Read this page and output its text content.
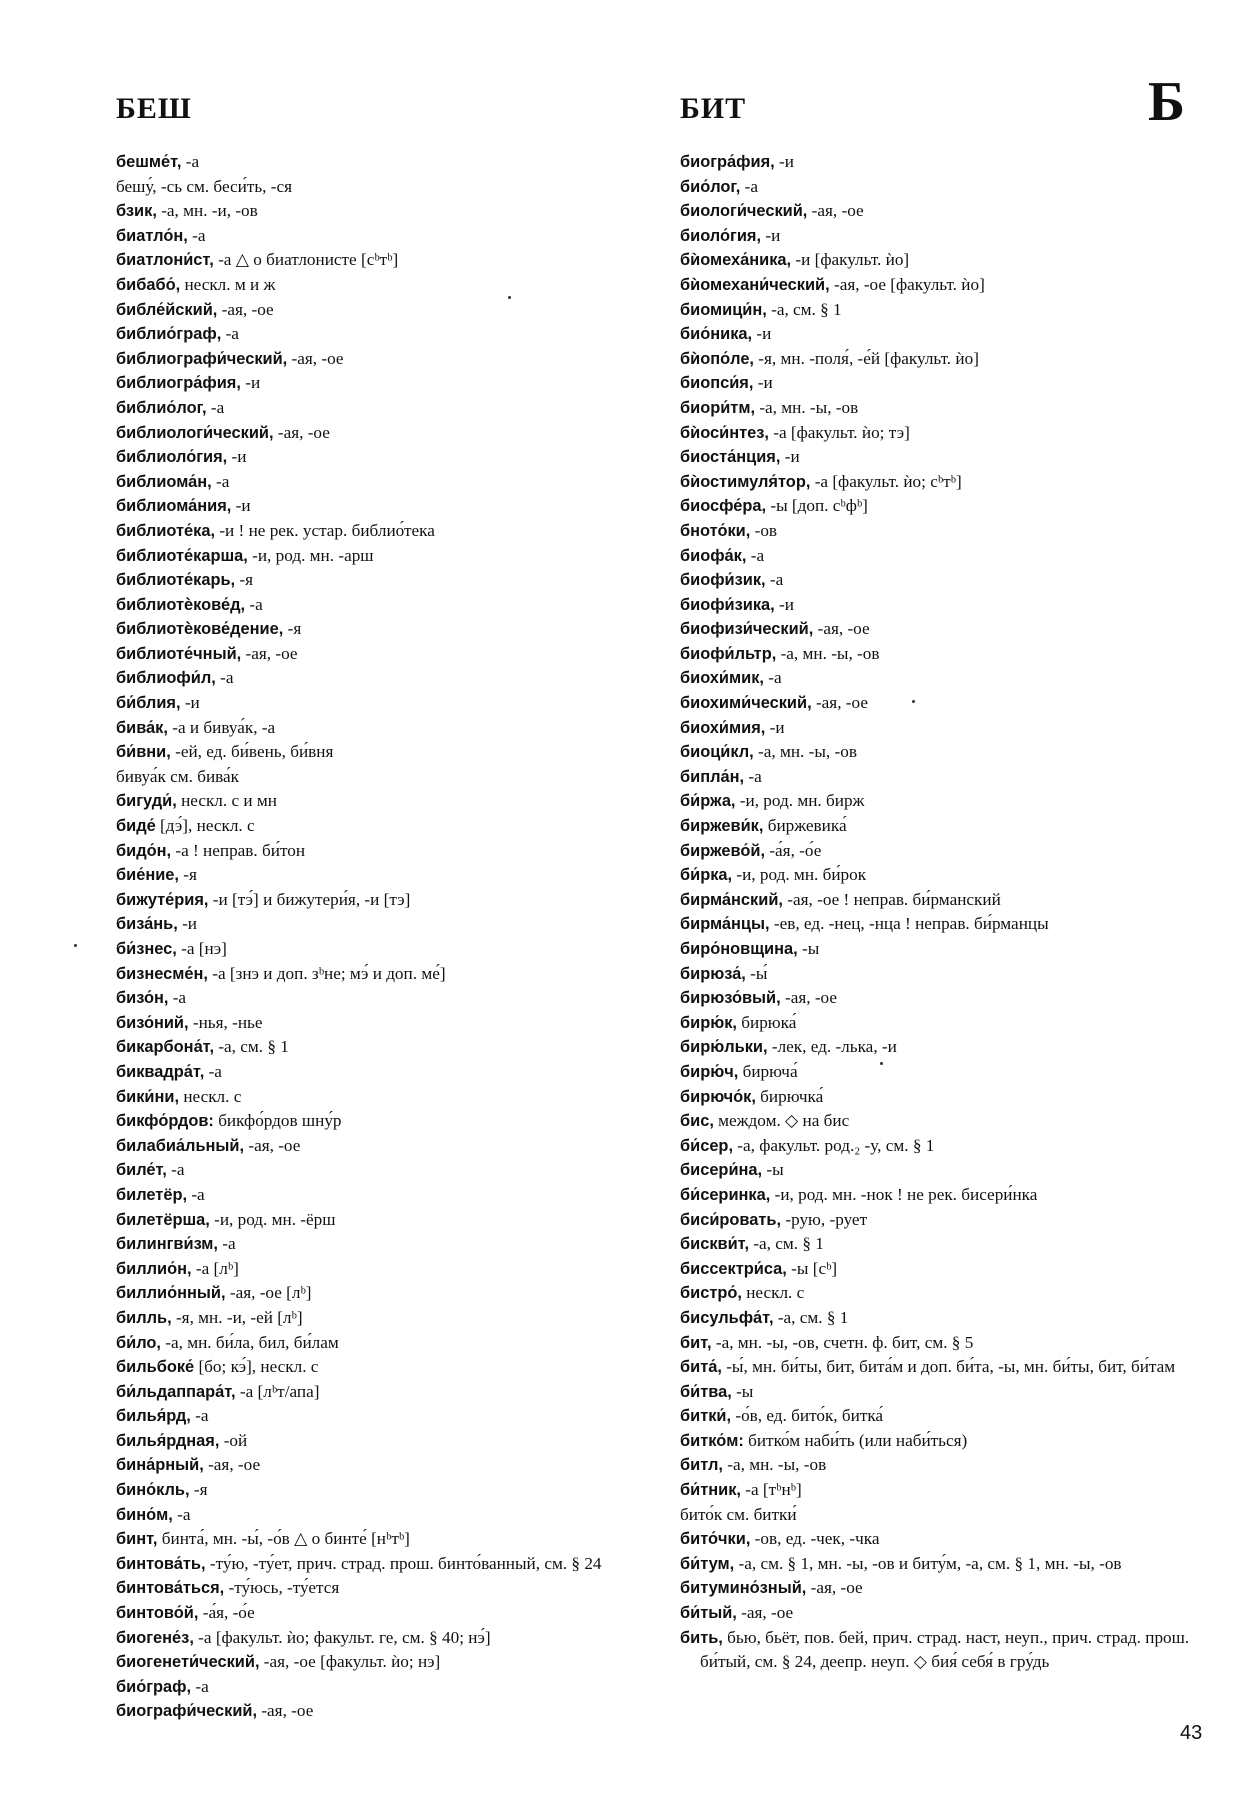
БЕШ	БИТ	Б
бешме́т, -а
бешу́, -сь см. беси́ть, -ся
бзик, -а, мн. -и, -ов
биатло́н, -а
биатлони́ст, -а △ о биатлонисте [сᵇтᵇ]
бибабо́, нескл. м и ж
библе́йский, -ая, -ое
библио́граф, -а
библиографи́ческий, -ая, -ое
библиогра́фия, -и
библио́лог, -а
библиологи́ческий, -ая, -ое
библиоло́гия, -и
библиома́н, -а
библиома́ния, -и
библиоте́ка, -и ! не рек. устар. библио́тека
библиоте́карша, -и, род. мн. -арш
библиоте́карь, -я
библиотѐкове́д, -а
библиотѐкове́дение, -я
библиоте́чный, -ая, -ое
библиофи́л, -а
би́блия, -и
бива́к, -а и бивуа́к, -а
би́вни, -ей, ед. би́вень, би́вня
бивуа́к см. бива́к
бигуди́, нескл. с и мн
биде́ [дэ́], нескл. с
бидо́н, -а ! неправ. би́тон
бие́ние, -я
бижуте́рия, -и [тэ́] и бижутери́я, -и [тэ]
биза́нь, -и
би́знес, -а [нэ]
бизнесме́н, -а [знэ и доп. зᵇне; мэ́ и доп. ме́]
бизо́н, -а
бизо́ний, -нья, -нье
бикарбона́т, -а, см. § 1
биквадра́т, -а
бики́ни, нескл. с
бикфо́рдов: бикфо́рдов шну́р
билабиа́льный, -ая, -ое
биле́т, -а
билетёр, -а
билетёрша, -и, род. мн. -ёрш
билингви́зм, -а
биллио́н, -а [лᵇ]
биллио́нный, -ая, -ое [лᵇ]
билль, -я, мн. -и, -ей [лᵇ]
би́ло, -а, мн. би́ла, бил, би́лам
бильбоке́ [бо; кэ́], нескл. с
би́льдаппара́т, -а [лᵇт/апа]
билья́рд, -а
билья́рдная, -ой
бина́рный, -ая, -ое
бино́кль, -я
бино́м, -а
бинт, бинта́, мн. -ы́, -о́в △ о бинте́ [нᵇтᵇ]
бинтова́ть, -ту́ю, -ту́ет, прич. страд. прош. бинто́ванный, см. § 24
бинтова́ться, -ту́юсь, -ту́ется
бинтово́й, -а́я, -о́е
биогене́з, -а [факульт. ѝо; факульт. ге, см. § 40; нэ́]
биогенети́ческий, -ая, -ое [факульт. ѝо; нэ]
био́граф, -а
биографи́ческий, -ая, -ое
биогра́фия, -и
био́лог, -а
биологи́ческий, -ая, -ое
биоло́гия, -и
бѝомеха́ника, -и [факульт. ѝо]
бѝомехани́ческий, -ая, -ое [факульт. ѝо]
биомици́н, -а, см. § 1
био́ника, -и
бѝопо́ле, -я, мн. -поля́, -е́й [факульт. ѝо]
биопси́я, -и
биори́тм, -а, мн. -ы, -ов
бѝоси́нтез, -а [факульт. ѝо; тэ]
биоста́нция, -и
бѝостимуля́тор, -а [факульт. ѝо; сᵇтᵇ]
биосфе́ра, -ы [доп. сᵇфᵇ]
бното́ки, -ов
биофа́к, -а
биофи́зик, -а
биофи́зика, -и
биофизи́ческий, -ая, -ое
биофи́льтр, -а, мн. -ы, -ов
биохи́мик, -а
биохими́ческий, -ая, -ое
биохи́мия, -и
биоци́кл, -а, мн. -ы, -ов
бипла́н, -а
би́ржа, -и, род. мн. бирж
биржеви́к, биржевика́
биржево́й, -а́я, -о́е
би́рка, -и, род. мн. би́рок
бирма́нский, -ая, -ое ! неправ. би́рманский
бирма́нцы, -ев, ед. -нец, -нца ! неправ. би́рманцы
биро́новщина, -ы
бирюза́, -ы́
бирюзо́вый, -ая, -ое
бирю́к, бирюка́
бирю́льки, -лек, ед. -лька, -и
бирю́ч, бирюча́
бирючо́к, бирючка́
бис, междом. ◇ на бис
би́сер, -а, факульт. род.₂ -у, см. § 1
бисери́на, -ы
би́серинка, -и, род. мн. -нок ! не рек. бисери́нка
биси́ровать, -рую, -рует
бискви́т, -а, см. § 1
биссектри́са, -ы [сᵇ]
бистро́, нескл. с
бисульфа́т, -а, см. § 1
бит, -а, мн. -ы, -ов, счетн. ф. бит, см. § 5
бита́, -ы́, мн. би́ты, бит, бита́м и доп. би́та, -ы, мн. би́ты, бит, би́там
би́тва, -ы
битки́, -о́в, ед. бито́к, битка́
битко́м: битко́м наби́ть (или наби́ться)
битл, -а, мн. -ы, -ов
би́тник, -а [тᵇнᵇ]
бито́к см. битки́
бито́чки, -ов, ед. -чек, -чка
би́тум, -а, см. § 1, мн. -ы, -ов и биту́м, -а, см. § 1, мн. -ы, -ов
битумино́зный, -ая, -ое
би́тый, -ая, -ое
бить, бью, бьёт, пов. бей, прич. страд. наст, неуп., прич. страд. прош. би́тый, см. § 24, деепр. неуп. ◇ бия́ себя́ в гру́дь
43
